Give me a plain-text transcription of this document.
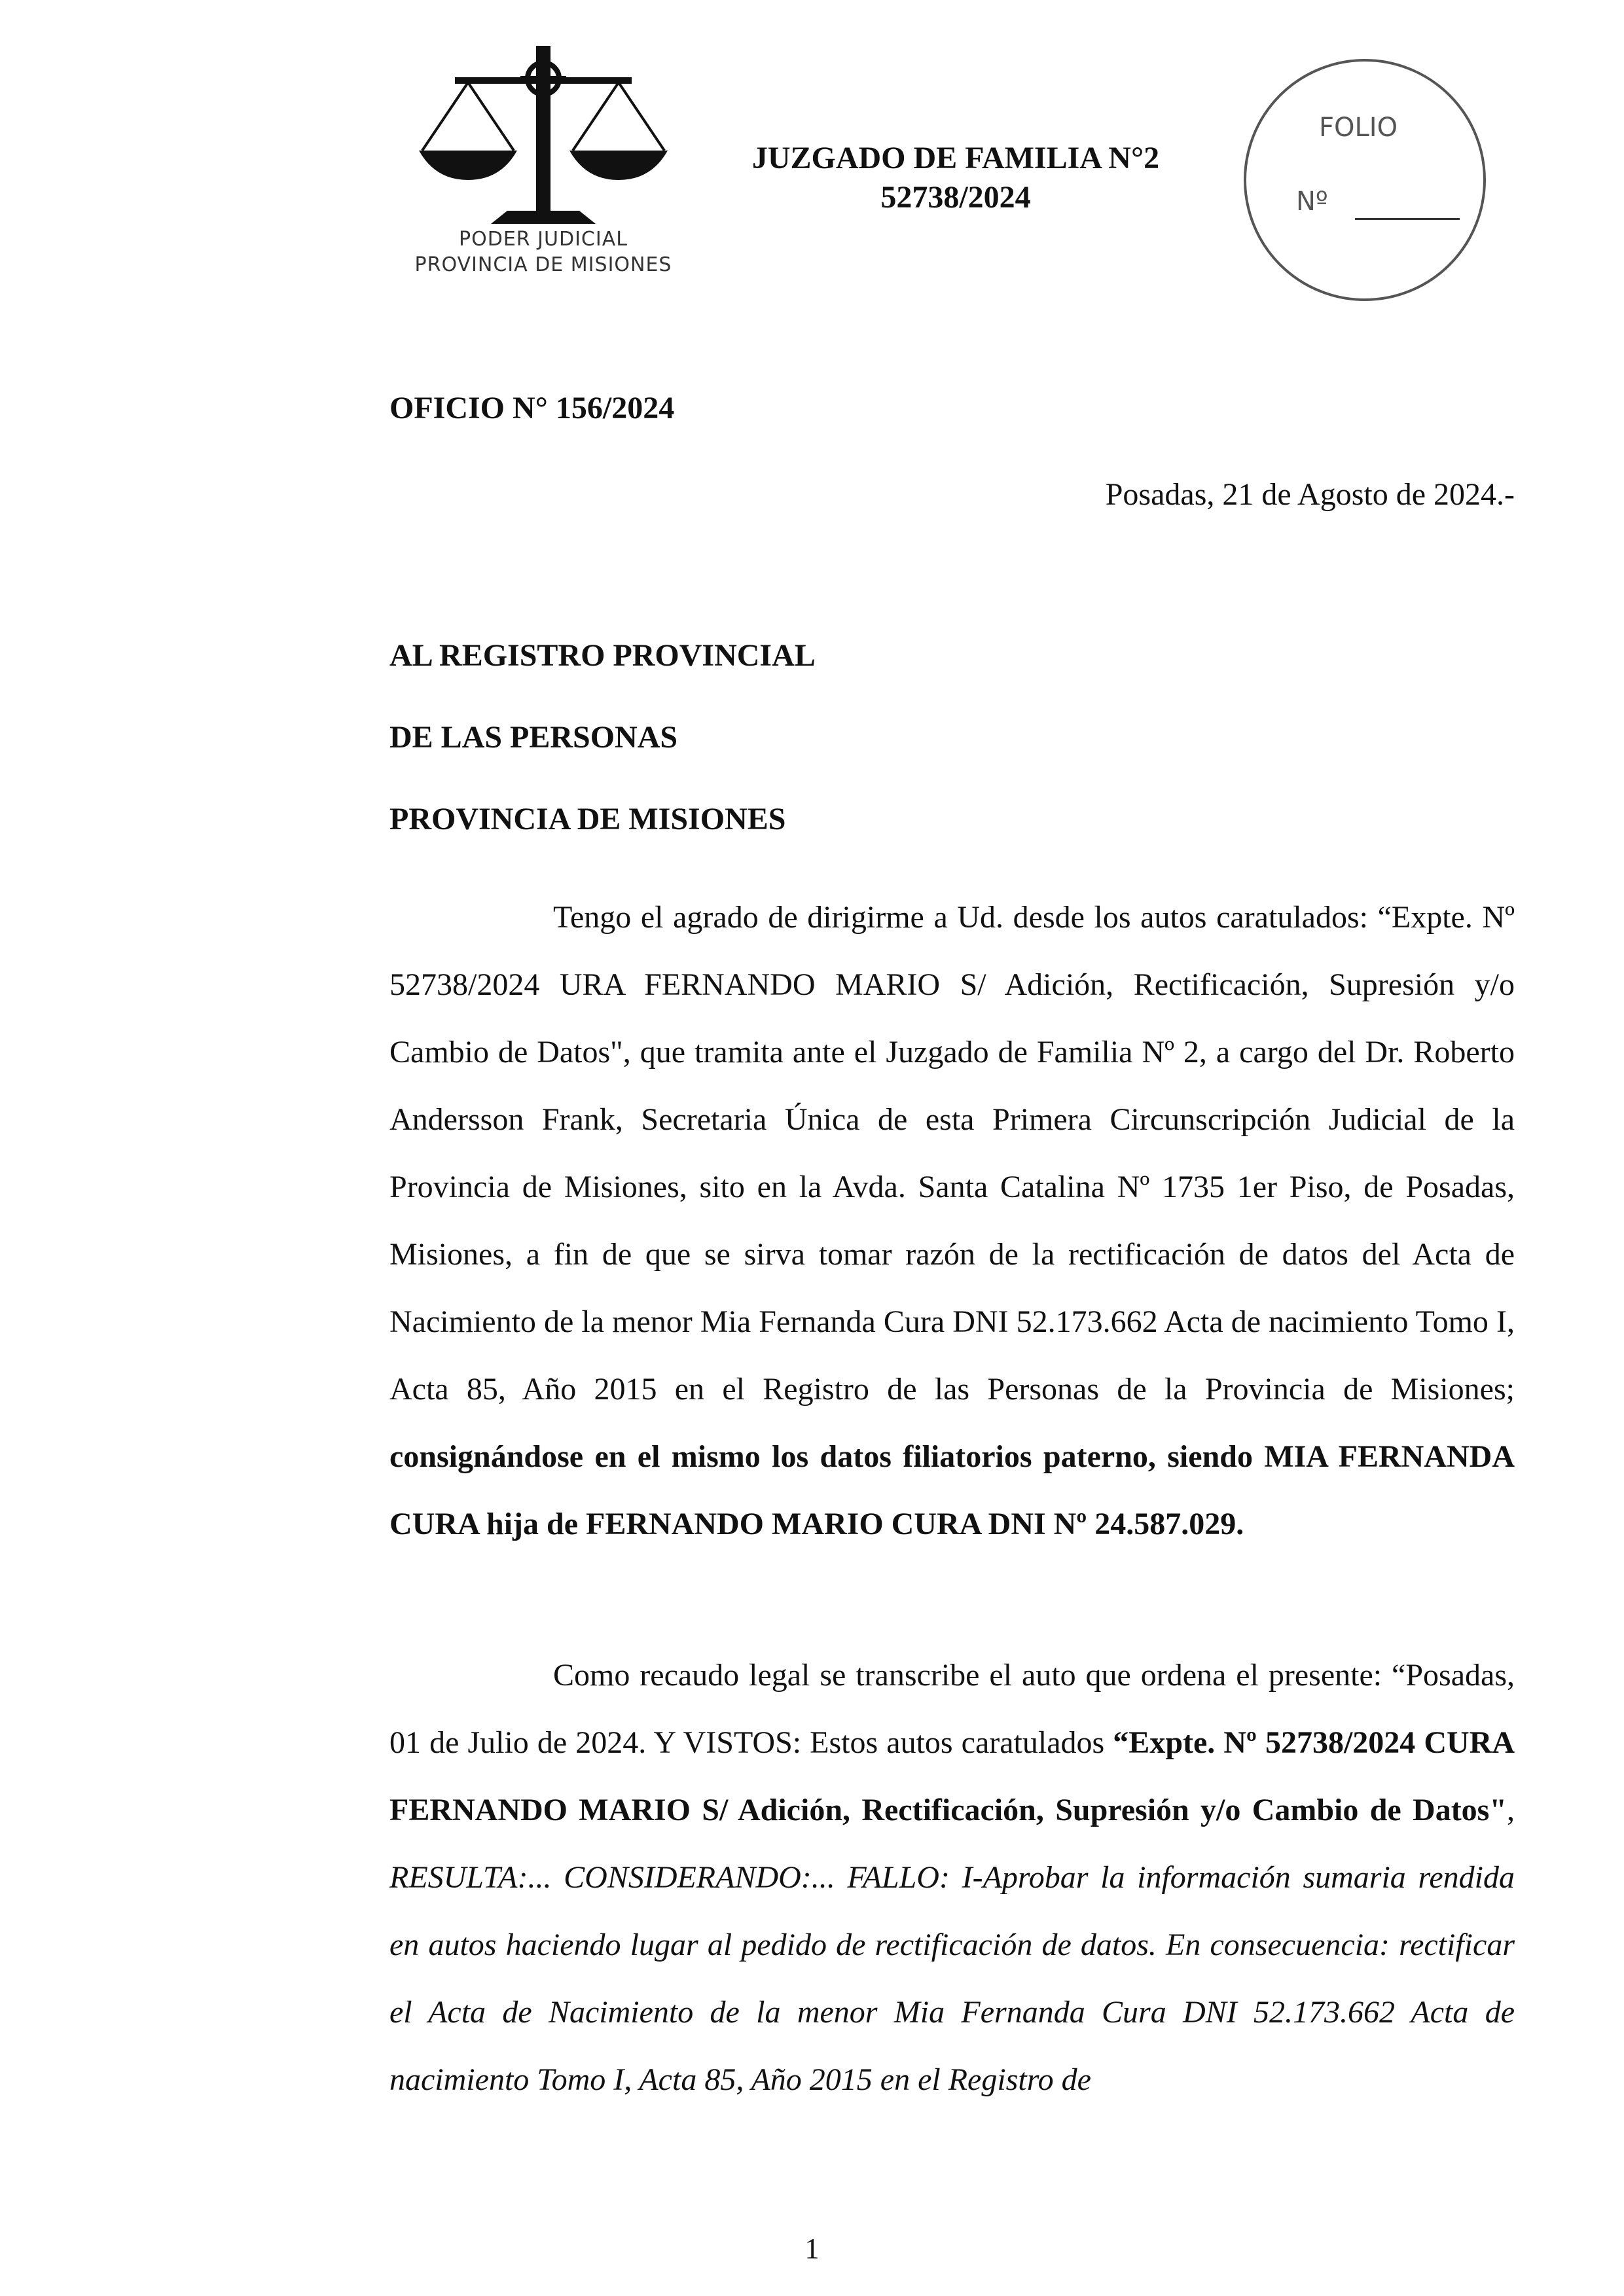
PODER JUDICIAL
PROVINCIA DE MISIONES
JUZGADO DE FAMILIA N°2
52738/2024
FOLIO
Nº
OFICIO N° 156/2024
Posadas, 21 de Agosto de 2024.-
AL REGISTRO PROVINCIAL
DE LAS PERSONAS
PROVINCIA DE MISIONES

Tengo el agrado de dirigirme a Ud. desde los autos caratulados: “Expte. Nº 52738/2024 URA FERNANDO MARIO S/ Adición, Rectificación, Supresión y/o Cambio de Datos", que tramita ante el Juzgado de Familia Nº 2, a cargo del Dr. Roberto Andersson Frank, Secretaria Única de esta Primera Circunscripción Judicial de la Provincia de Misiones, sito en la Avda. Santa Catalina Nº 1735 1er Piso, de Posadas, Misiones, a fin de que se sirva tomar razón de la rectificación de datos del Acta de Nacimiento de la menor Mia Fernanda Cura DNI 52.173.662 Acta de nacimiento Tomo I, Acta 85, Año 2015 en el Registro de las Personas de la Provincia de Misiones; consignándose en el mismo los datos filiatorios paterno, siendo MIA FERNANDA CURA hija de FERNANDO MARIO CURA DNI Nº 24.587.029.

Como recaudo legal se transcribe el auto que ordena el presente: “Posadas, 01 de Julio de 2024. Y VISTOS: Estos autos caratulados “Expte. Nº 52738/2024 CURA FERNANDO MARIO S/ Adición, Rectificación, Supresión y/o Cambio de Datos", RESULTA:... CONSIDERANDO:... FALLO: I-Aprobar la información sumaria rendida en autos haciendo lugar al pedido de rectificación de datos. En consecuencia: rectificar el Acta de Nacimiento de la menor Mia Fernanda Cura DNI 52.173.662 Acta de nacimiento Tomo I, Acta 85, Año 2015 en el Registro de

1
